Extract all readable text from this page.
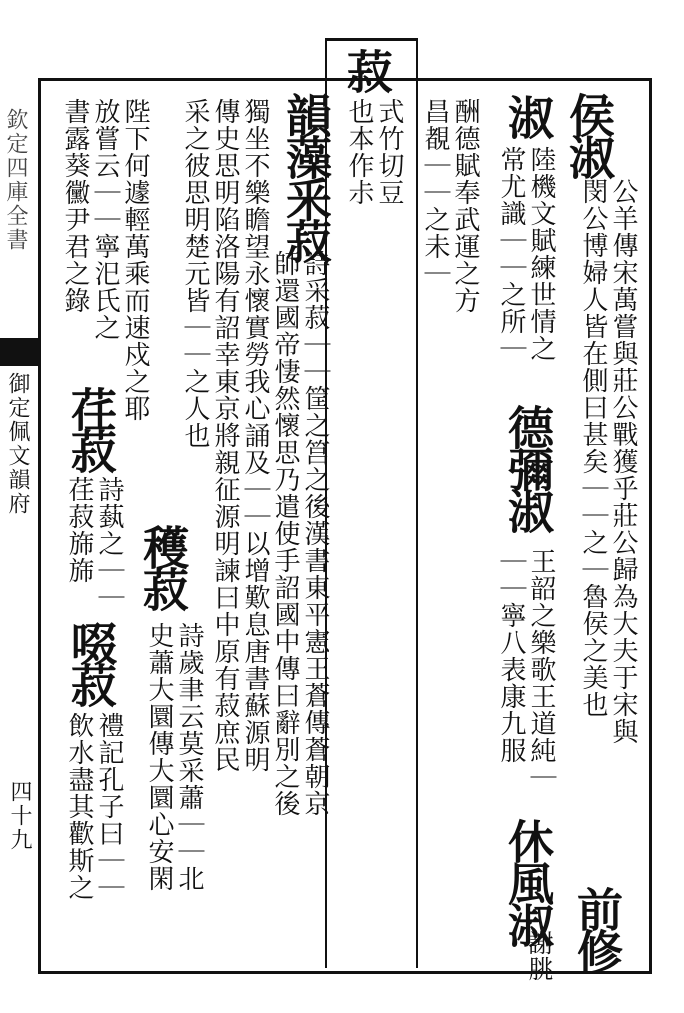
欽定四庫全書
御定佩文韻府
四十九
侯淑
公羊傳宋萬嘗與莊公戰獲乎莊公歸為大夫于宋與
閔公博婦人皆在側曰甚矣｜｜之｜魯侯之美也
前修
淑
陸機文賦練世情之
常尤識｜｜之所｜
德彌淑
王韶之樂歌王道純｜
｜｜寧八表康九服
休風淑
謝朓
酬德賦奉武運之方
昌覩｜｜之未｜
菽
式竹切豆
也本作尗
韻藻釆菽
詩采菽｜｜筐之筥之後漢書東平憲王蒼傳蒼朝京
師還國帝悽然懷思乃遣使手詔國中傳曰辭別之後
獨坐不樂瞻望永懷實勞我心誦及｜｜以增歎息唐書蘇源明
傳史思明陷洛陽有詔幸東京將親征源明諫曰中原有菽庶民
采之彼思明楚元皆｜｜之人也
穫菽
詩歲聿云莫采蕭｜｜北
史蕭大圜傳大圜心安閑
陛下何遽輕萬乘而速戍之耶
放嘗云｜｜寧汜氏之
荏菽
詩蓺之｜｜
荏菽旆旆
啜菽
禮記孔子曰｜｜
飲水盡其歡斯之
書露葵黴尹君之錄
